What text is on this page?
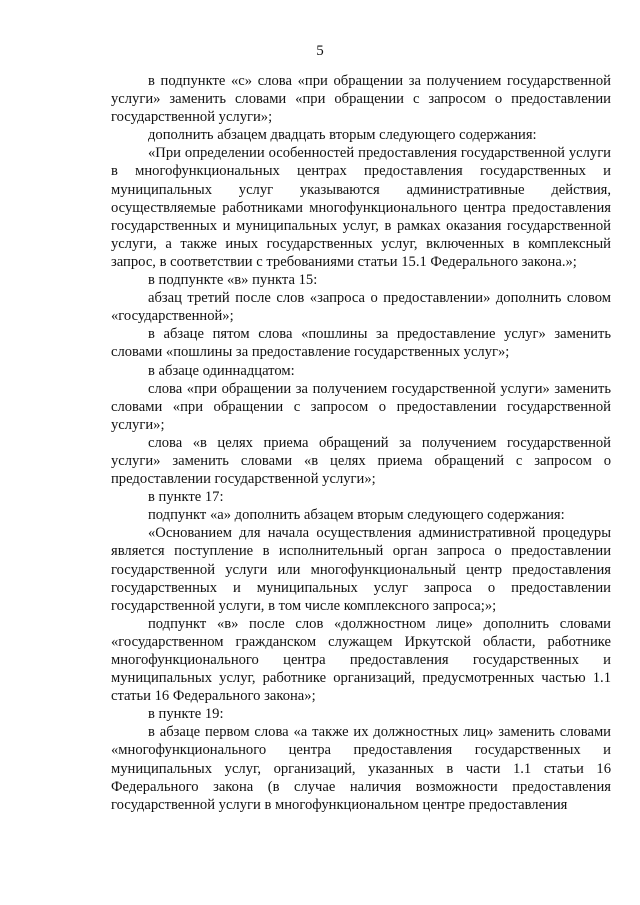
5

в подпункте «с» слова «при обращении за получением государственной услуги» заменить словами «при обращении с запросом о предоставлении государственной услуги»;

дополнить абзацем двадцать вторым следующего содержания:

«При определении особенностей предоставления государственной услуги в многофункциональных центрах предоставления государственных и муниципальных услуг указываются административные действия, осуществляемые работниками многофункционального центра предоставления государственных и муниципальных услуг, в рамках оказания государственной услуги, а также иных государственных услуг, включенных в комплексный запрос, в соответствии с требованиями статьи 15.1 Федерального закона.»;

в подпункте «в» пункта 15:

абзац третий после слов «запроса о предоставлении» дополнить словом «государственной»;

в абзаце пятом слова «пошлины за предоставление услуг» заменить словами «пошлины за предоставление государственных услуг»;

в абзаце одиннадцатом:

слова «при обращении за получением государственной услуги» заменить словами «при обращении с запросом о предоставлении государственной услуги»;

слова «в целях приема обращений за получением государственной услуги» заменить словами «в целях приема обращений с запросом о предоставлении государственной услуги»;

в пункте 17:

подпункт «а» дополнить абзацем вторым следующего содержания:

«Основанием для начала осуществления административной процедуры является поступление в исполнительный орган запроса о предоставлении государственной услуги или многофункциональный центр предоставления государственных и муниципальных услуг запроса о предоставлении государственной услуги, в том числе комплексного запроса;»;

подпункт «в» после слов «должностном лице» дополнить словами «государственном гражданском служащем Иркутской области, работнике многофункционального центра предоставления государственных и муниципальных услуг, работнике организаций, предусмотренных частью 1.1 статьи 16 Федерального закона»;

в пункте 19:

в абзаце первом слова «а также их должностных лиц» заменить словами «многофункционального центра предоставления государственных и муниципальных услуг, организаций, указанных в части 1.1 статьи 16 Федерального закона (в случае наличия возможности предоставления государственной услуги в многофункциональном центре предоставления
